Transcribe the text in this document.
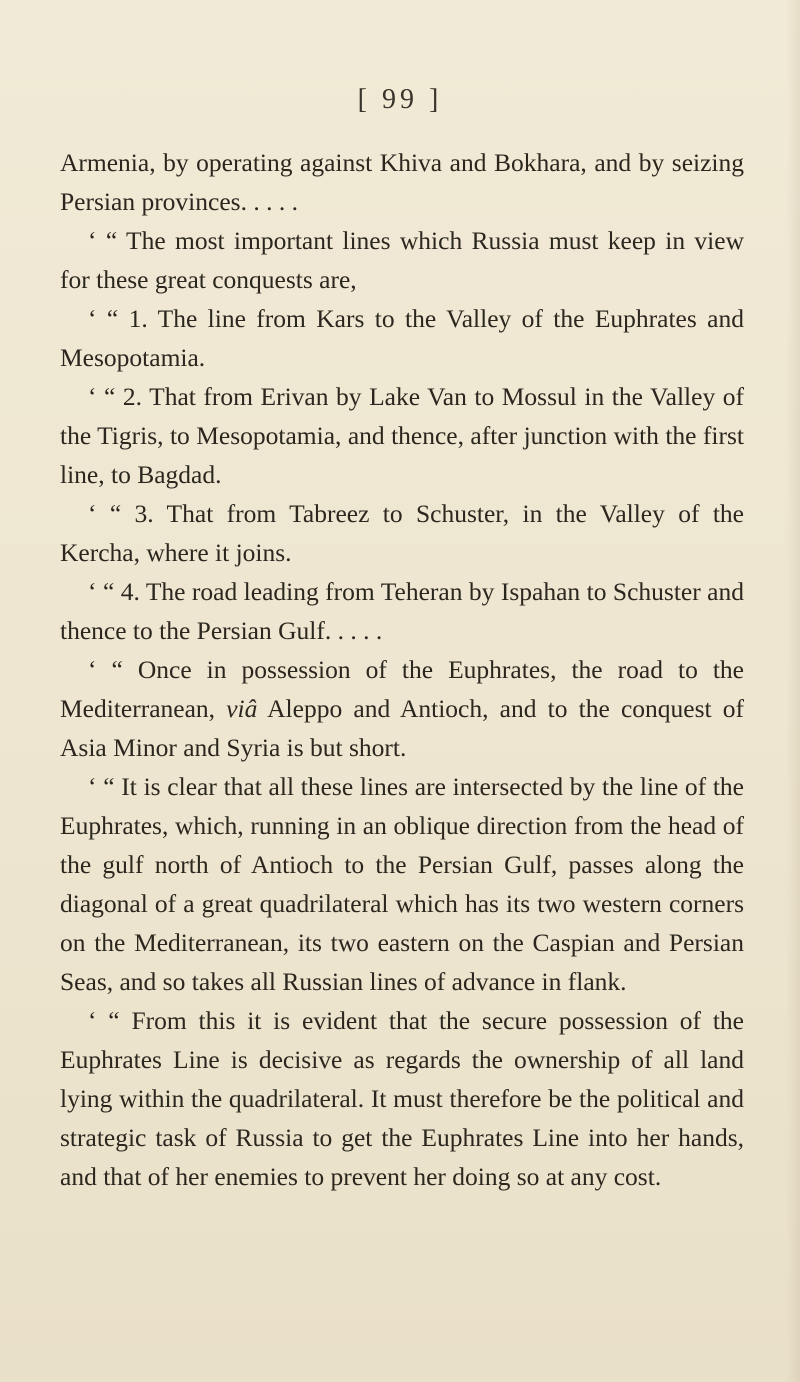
[ 99 ]

Armenia, by operating against Khiva and Bokhara, and by seizing Persian provinces. . . . .

‘ “ The most important lines which Russia must keep in view for these great conquests are,

‘ “ 1. The line from Kars to the Valley of the Euphrates and Mesopotamia.

‘ “ 2. That from Erivan by Lake Van to Mossul in the Valley of the Tigris, to Mesopotamia, and thence, after junction with the first line, to Bagdad.

‘ “ 3. That from Tabreez to Schuster, in the Valley of the Kercha, where it joins.

‘ “ 4. The road leading from Teheran by Ispahan to Schuster and thence to the Persian Gulf. . . . .

‘ “ Once in possession of the Euphrates, the road to the Mediterranean, viâ Aleppo and Antioch, and to the conquest of Asia Minor and Syria is but short.

‘ “ It is clear that all these lines are intersected by the line of the Euphrates, which, running in an oblique direction from the head of the gulf north of Antioch to the Persian Gulf, passes along the diagonal of a great quadrilateral which has its two western corners on the Mediterranean, its two eastern on the Caspian and Persian Seas, and so takes all Russian lines of advance in flank.

‘ “ From this it is evident that the secure possession of the Euphrates Line is decisive as regards the ownership of all land lying within the quadrilateral. It must therefore be the political and strategic task of Russia to get the Euphrates Line into her hands, and that of her enemies to prevent her doing so at any cost.
